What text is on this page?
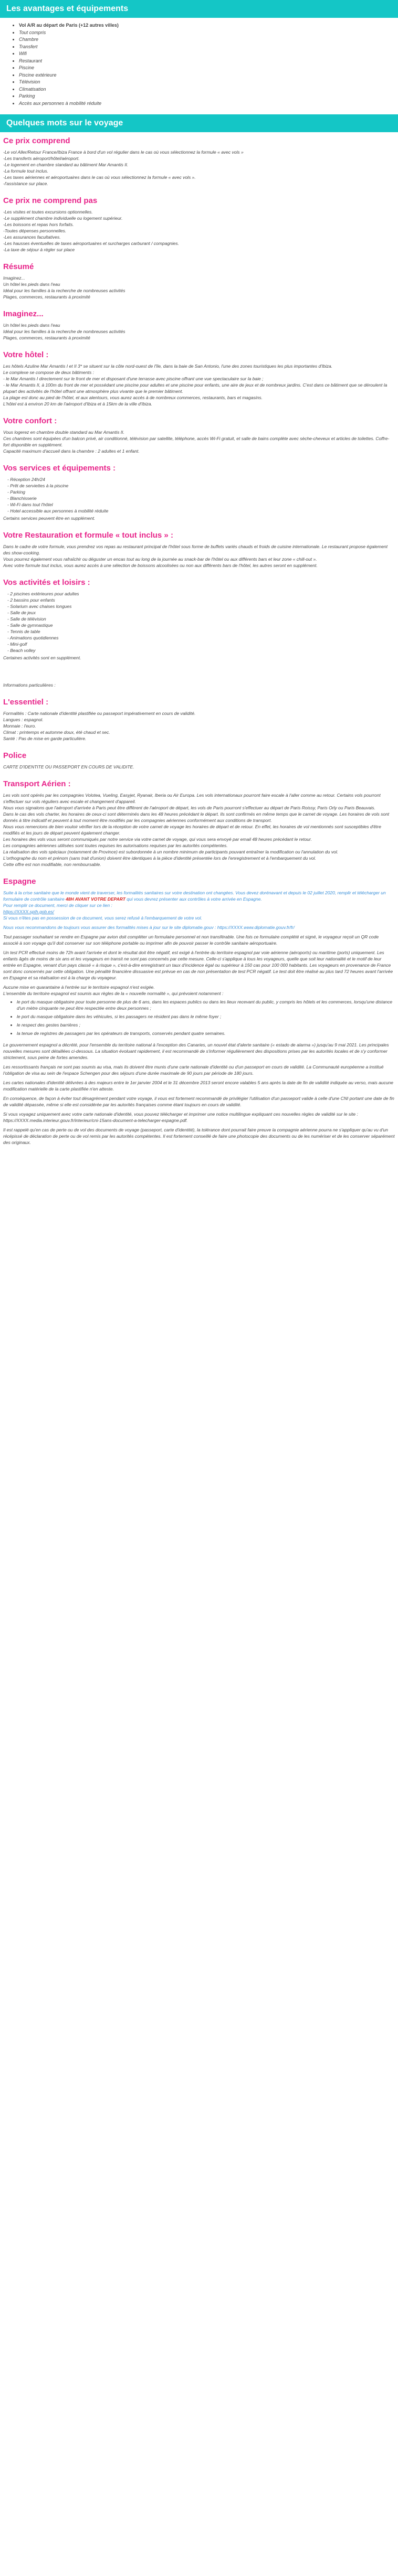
Les avantages et équipements
• Vol A/R au départ de Paris (+12 autres villes)
• Tout compris
• Chambre
• Transfert
• Wifi
• Restaurant
• Piscine
• Piscine extérieure
• Télévision
• Climatisation
• Parking
• Accès aux personnes à mobilité réduite
Quelques mots sur le voyage
Ce prix comprend

-Le vol Aller/Retour France/Ibiza France à bord d'un vol régulier dans le cas où vous sélectionnez la formule « avec vols »

-Les transferts aéroport/hôtel/aéroport.

-Le logement en chambre standard au bâtiment Mar Amantis II.

-La formule tout inclus.

-Les taxes aériennes et aéroportuaires dans le cas où vous sélectionnez la formule « avec vols ».

-l'assistance sur place.

Ce prix ne comprend pas

-Les visites et toutes excursions optionnelles.

-Le supplément chambre individuelle ou logement supérieur.

-Les boissons et repas hors forfaits.

-Toutes dépenses personnelles.

-Les assurances facultatives.

-Les hausses éventuelles de taxes aéroportuaires et surcharges carburant / compagnies.

-La taxe de séjour à régler sur place

Résumé

Imaginez...

Un hôtel les pieds dans l'eau

Idéal pour les familles à la recherche de nombreuses activités

Plages, commerces, restaurants à proximité

Imaginez...

Un hôtel les pieds dans l'eau

Idéal pour les familles à la recherche de nombreuses activités

Plages, commerces, restaurants à proximité

Votre hôtel :

Les hôtels Azuline Mar Amantis I et II 3* se situent sur la côte nord-ouest de l'île, dans la baie de San Antonio, l'une des zones touristiques les plus importantes d'Ibiza.

Le complexe se compose de deux bâtiments :

- le Mar Amantis I directement sur le front de mer et disposant d'une terrasse avec piscine offrant une vue spectaculaire sur la baie ;

- le Mar Amantis II, à 100m du front de mer et possédant une piscine pour adultes et une piscine pour enfants, une aire de jeux et de nombreux jardins. C'est dans ce bâtiment que se déroulent la plupart des activités de l'hôtel offrant une atmosphère plus vivante que le premier bâtiment.

La plage est donc au pied de l'hôtel, et aux alentours, vous aurez accès à de nombreux commerces, restaurants, bars et magasins.

L'hôtel est à environ 20 km de l'aéroport d'Ibiza et à 15km de la ville d'Ibiza.

Votre confort :

Vous logerez en chambre double standard au Mar Amantis II.

Ces chambres sont équipées d'un balcon privé, air conditionné, télévision par satellite, téléphone, accès Wi-Fi gratuit, et salle de bains complète avec sèche-cheveux et articles de toilettes. Coffre-fort disponible en supplément.

Capacité maximum d'accueil dans la chambre : 2 adultes et 1 enfant.

Vos services et équipements :
- Réception 24h/24
- Prêt de serviettes à la piscine
- Parking
- Blanchisserie
- Wi-Fi dans tout l'hôtel
- Hotel accessible aux personnes à mobilité réduite

Certains services peuvent être en supplément.

Votre Restauration et formule « tout inclus » :

Dans le cadre de votre formule, vous prendrez vos repas au restaurant principal de l'hôtel sous forme de buffets variés chauds et froids de cuisine internationale. Le restaurant propose également des show-cooking.

Vous pourrez également vous rafraîchir ou déguster un encas tout au long de la journée au snack-bar de l'hôtel ou aux différents bars et leur zone « chill-out ».

Avec votre formule tout inclus, vous aurez accès à une sélection de boissons alcoolisées ou non aux différents bars de l'hôtel, les autres seront en supplément.

Vos activités et loisirs :
- 2 piscines extérieures pour adultes
- 2 bassins pour enfants
- Solarium avec chaises longues
- Salle de jeux
- Salle de télévision
- Salle de gymnastique
- Tennis de table
- Animations quotidiennes
- Mini-golf
- Beach volley

Certaines activités sont en supplément.

Informations particulières :

L'essentiel :

Formalités : Carte nationale d'identité plastifiée ou passeport impérativement en cours de validité.

Langues : espagnol.

Monnaie : l'euro.

Climat : printemps et automne doux, été chaud et sec.

Santé : Pas de mise en garde particulière.

Police

CARTE D'IDENTITE OU PASSEPORT EN COURS DE VALIDITE.

Transport Aérien :

Les vols sont opérés par les compagnies Volotea, Vueling, Easyjet, Ryanair, Iberia ou Air Europa. Les vols internationaux pourront faire escale à l'aller comme au retour. Certains vols pourront s'effectuer sur vols réguliers avec escale et changement d'appareil.

Nous vous signalons que l'aéroport d'arrivée à Paris peut être différent de l'aéroport de départ, les vols de Paris pourront s'effectuer au départ de Paris Roissy, Paris Orly ou Paris Beauvais.

Dans le cas des vols charter, les horaires de ceux-ci sont déterminés dans les 48 heures précédant le départ. Ils sont confirmés en même temps que le carnet de voyage. Les horaires de vols sont donnés à titre indicatif et peuvent à tout moment être modifiés par les compagnies aériennes conformément aux conditions de transport.

Nous vous remercions de bien vouloir vérifier lors de la réception de votre carnet de voyage les horaires de départ et de retour. En effet, les horaires de vol mentionnés sont susceptibles d'être modifiés et les jours de départ peuvent également changer.

Les horaires des vols vous seront communiqués par notre service via votre carnet de voyage, qui vous sera envoyé par email 48 heures précédant le retour.

Les compagnies aériennes utilisées sont toutes requises les autorisations requises par les autorités compétentes.

La réalisation des vols spéciaux (notamment de Province) est subordonnée à un nombre minimum de participants pouvant entraîner la modification ou l'annulation du vol.

L'orthographe du nom et prénom (sans trait d'union) doivent être identiques à la pièce d'identité présentée lors de l'enregistrement et à l'embarquement du vol.

Cette offre est non modifiable, non remboursable.

Espagne

Suite à la crise sanitaire que le monde vient de traverser, les formalités sanitaires sur votre destination ont changées. Vous devez dorénavant et depuis le 02 juillet 2020, remplir et télécharger un formulaire de contrôle sanitaire 48H AVANT VOTRE DEPART qui vous devrez présenter aux contrôles à votre arrivée en Espagne.

Pour remplir ce document, merci de cliquer sur ce lien :

https://XXXX.spth.gob.es/

Si vous n'êtes pas en possession de ce document, vous serez refusé à l'embarquement de votre vol.

Nous vous recommandons de toujours vous assurer des formalités mises à jour sur le site diplomatie.gouv : https://XXXX.www.diplomatie.gouv.fr/fr/

Tout passager souhaitant se rendre en Espagne par avion doit compléter un formulaire personnel et non transférable. Une fois ce formulaire complété et signé, le voyageur reçoit un QR code associé à son voyage qu'il doit conserver sur son téléphone portable ou imprimer afin de pouvoir passer le contrôle sanitaire aéroportuaire.

Un test PCR effectué moins de 72h avant l'arrivée et dont le résultat doit être négatif, est exigé à l'entrée du territoire espagnol par voie aérienne (aéroports) ou maritime (ports) uniquement. Les enfants âgés de moins de six ans et les voyageurs en transit ne sont pas concernés par cette mesure. Celle-ci s'applique à tous les voyageurs, quelle que soit leur nationalité et le motif de leur entrée en Espagne, venant d'un pays classé « à risque », c'est-à-dire enregistrant un taux d'incidence égal ou supérieur à 150 cas pour 100 000 habitants. Les voyageurs en provenance de France sont donc concernés par cette obligation. Une pénalité financière dissuasive est prévue en cas de non présentation de test PCR négatif. Le test doit être réalisé au plus tard 72 heures avant l'arrivée en Espagne et sa réalisation est à la charge du voyageur.

Aucune mise en quarantaine à l'entrée sur le territoire espagnol n'est exigée.

L'ensemble du territoire espagnol est soumis aux règles de la « nouvelle normalité », qui prévoient notamment :

• le port du masque obligatoire pour toute personne de plus de 6 ans, dans les espaces publics ou dans les lieux recevant du public, y compris les hôtels et les commerces, lorsqu'une distance d'un mètre cinquante ne peut être respectée entre deux personnes ;
• le port du masque obligatoire dans les véhicules, si les passagers ne résident pas dans le même foyer ;
• le respect des gestes barrières ;
• la tenue de registres de passagers par les opérateurs de transports, conservés pendant quatre semaines.

Le gouvernement espagnol a décrété, pour l'ensemble du territoire national à l'exception des Canaries, un nouvel état d'alerte sanitaire (« estado de alarma ») jusqu'au 9 mai 2021. Les principales nouvelles mesures sont détaillées ci-dessous. La situation évoluant rapidement, il est recommandé de s'informer régulièrement des dispositions prises par les autorités locales et de s'y conformer strictement, sous peine de fortes amendes.

Les ressortissants français ne sont pas soumis au visa, mais ils doivent être munis d'une carte nationale d'identité ou d'un passeport en cours de validité. La Communauté européenne a institué l'obligation de visa au sein de l'espace Schengen pour des séjours d'une durée maximale de 90 jours par période de 180 jours.

Les cartes nationales d'identité délivrées à des majeurs entre le 1er janvier 2004 et le 31 décembre 2013 seront encore valables 5 ans après la date de fin de validité indiquée au verso, mais aucune modification matérielle de la carte plastifiée n'en atteste.

En conséquence, de façon à éviter tout désagrément pendant votre voyage, il vous est fortement recommandé de privilégier l'utilisation d'un passeport valide à celle d'une CNI portant une date de fin de validité dépassée, même si elle est considérée par les autorités françaises comme étant toujours en cours de validité.

Si vous voyagez uniquement avec votre carte nationale d'identité, vous pouvez télécharger et imprimer une notice multilingue expliquant ces nouvelles règles de validité sur le site : https://XXXX.media.interieur.gouv.fr/interieur/cni-15ans-document-a-telecharger-espagne.pdf.

Il est rappelé qu'en cas de perte ou de vol des documents de voyage (passeport, carte d'identité), la tolérance dont pourrait faire preuve la compagnie aérienne pourra ne s'appliquer qu'au vu d'un récépissé de déclaration de perte ou de vol remis par les autorités compétentes. Il est fortement conseillé de faire une photocopie des documents ou de les numériser et de les conserver séparément des originaux.
